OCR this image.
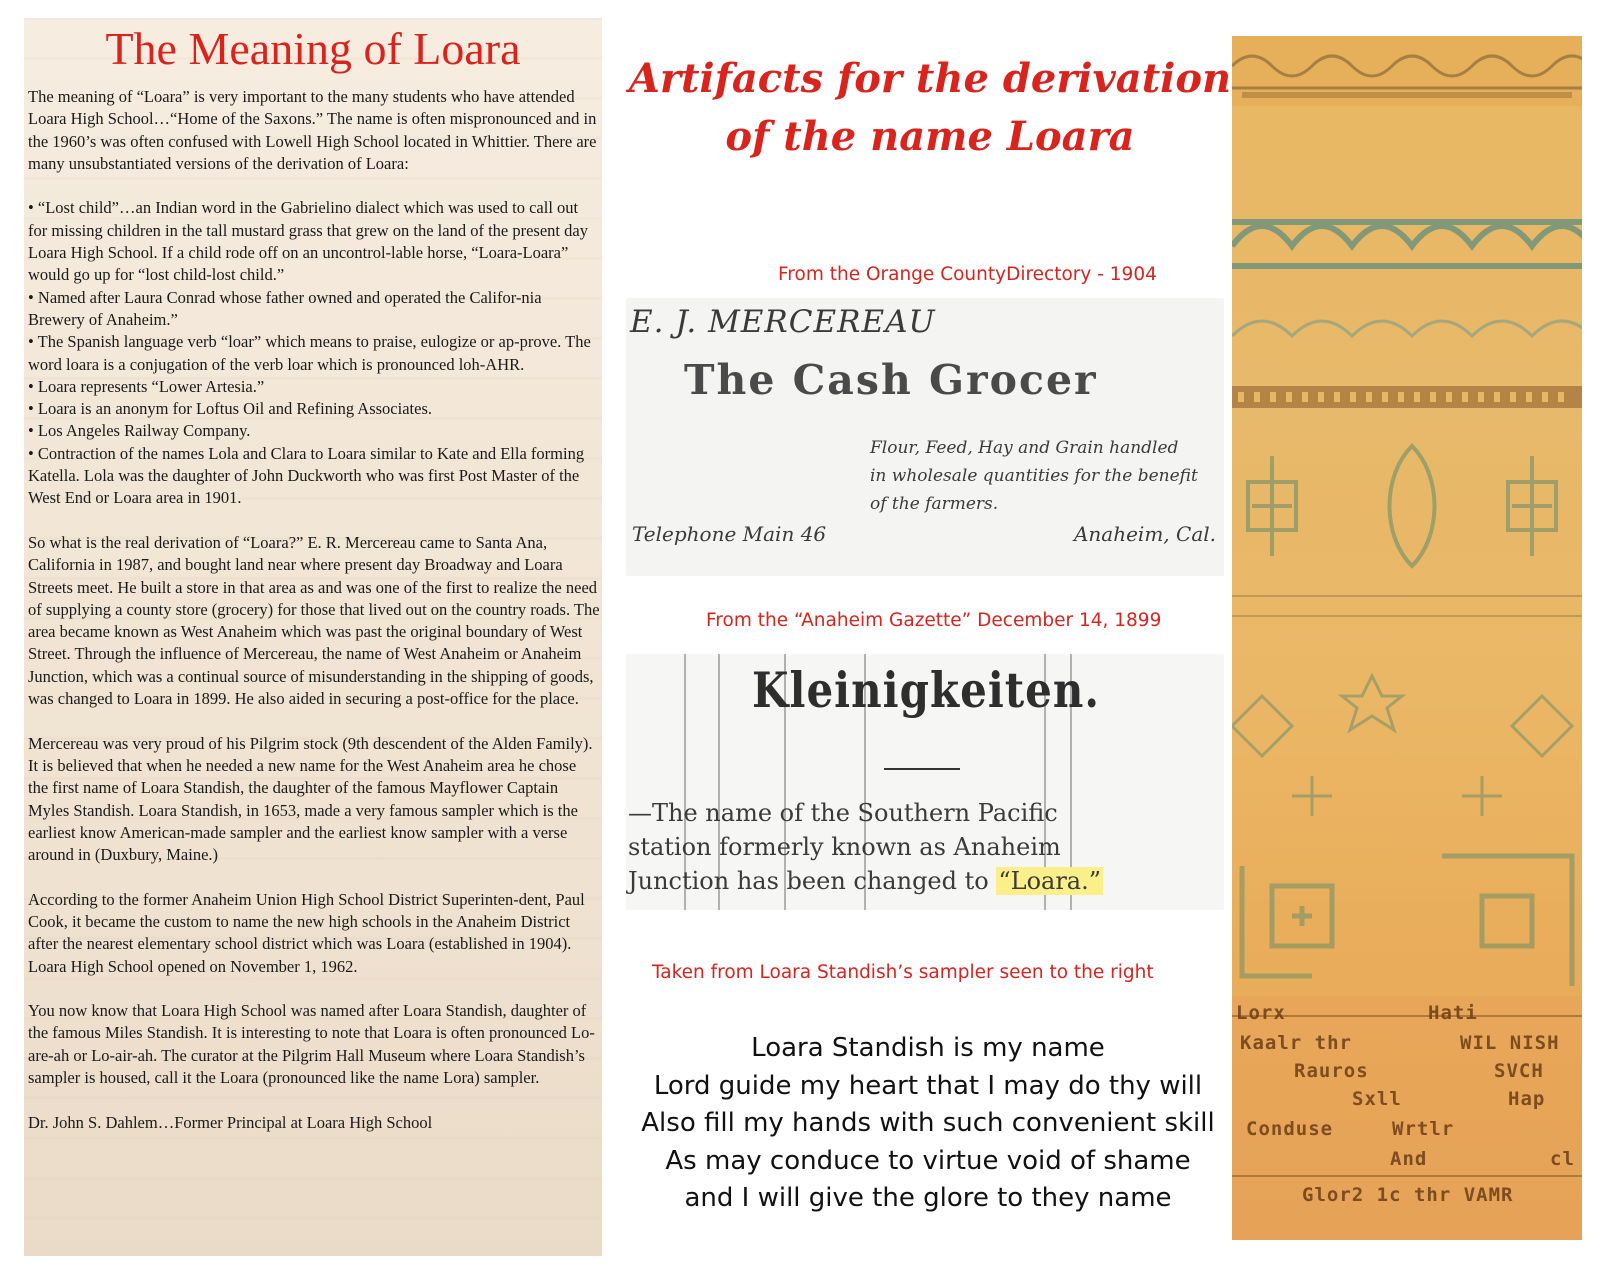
The Meaning of Loara

The meaning of “Loara” is very important to the many students who have attended Loara High School…“Home of the Saxons.” The name is often mispronounced and in the 1960’s was often confused with Lowell High School located in Whittier. There are many unsubstantiated versions of the derivation of Loara:

• “Lost child”…an Indian word in the Gabrielino dialect which was used to call out for missing children in the tall mustard grass that grew on the land of the present day Loara High School. If a child rode off on an uncontrol-lable horse, “Loara-Loara” would go up for “lost child-lost child.”

• Named after Laura Conrad whose father owned and operated the Califor-nia Brewery of Anaheim.”

• The Spanish language verb “loar” which means to praise, eulogize or ap-prove. The word loara is a conjugation of the verb loar which is pronounced loh-AHR.

• Loara represents “Lower Artesia.”

• Loara is an anonym for Loftus Oil and Refining Associates.

• Los Angeles Railway Company.

• Contraction of the names Lola and Clara to Loara similar to Kate and Ella forming Katella. Lola was the daughter of John Duckworth who was first Post Master of the West End or Loara area in 1901.

So what is the real derivation of “Loara?” E. R. Mercereau came to Santa Ana, California in 1987, and bought land near where present day Broadway and Loara Streets meet. He built a store in that area as and was one of the first to realize the need of supplying a county store (grocery) for those that lived out on the country roads. The area became known as West Anaheim which was past the original boundary of West Street. Through the influence of Mercereau, the name of West Anaheim or Anaheim Junction, which was a continual source of misunderstanding in the shipping of goods, was changed to Loara in 1899. He also aided in securing a post-office for the place.

Mercereau was very proud of his Pilgrim stock (9th descendent of the Alden Family). It is believed that when he needed a new name for the West Anaheim area he chose the first name of Loara Standish, the daughter of the famous Mayflower Captain Myles Standish. Loara Standish, in 1653, made a very famous sampler which is the earliest know American-made sampler and the earliest know sampler with a verse around in (Duxbury, Maine.)

According to the former Anaheim Union High School District Superinten-dent, Paul Cook, it became the custom to name the new high schools in the Anaheim District after the nearest elementary school district which was Loara (established in 1904). Loara High School opened on November 1, 1962.

You now know that Loara High School was named after Loara Standish, daughter of the famous Miles Standish. It is interesting to note that Loara is often pronounced Lo-are-ah or Lo-air-ah. The curator at the Pilgrim Hall Museum where Loara Standish’s sampler is housed, call it the Loara (pronounced like the name Lora) sampler.

Dr. John S. Dahlem…Former Principal at Loara High School

Artifacts for the derivation
of the name Loara
From the Orange CountyDirectory - 1904
E. J. MERCEREAU
The Cash Grocer
Flour, Feed, Hay and Grain handled
in wholesale quantities for the benefit
of the farmers.
Telephone Main 46	Anaheim, Cal.
From the “Anaheim Gazette” December 14, 1899
Kleinigkeiten.
—The name of the Southern Pacific
station formerly known as Anaheim
Junction has been changed to “Loara.”
Taken from Loara Standish’s sampler seen to the right
Loara Standish is my name
Lord guide my heart that I may do thy will
Also fill my hands with such convenient skill
As may conduce to virtue void of shame
and I will give the glore to they name
Lorx	Hati
Kaalr thr	WIL NISH
Rauros	SVCH
Sxll	Hap
Conduse	Wrtlr
And	cl
Glor2 1c thr VAMR
